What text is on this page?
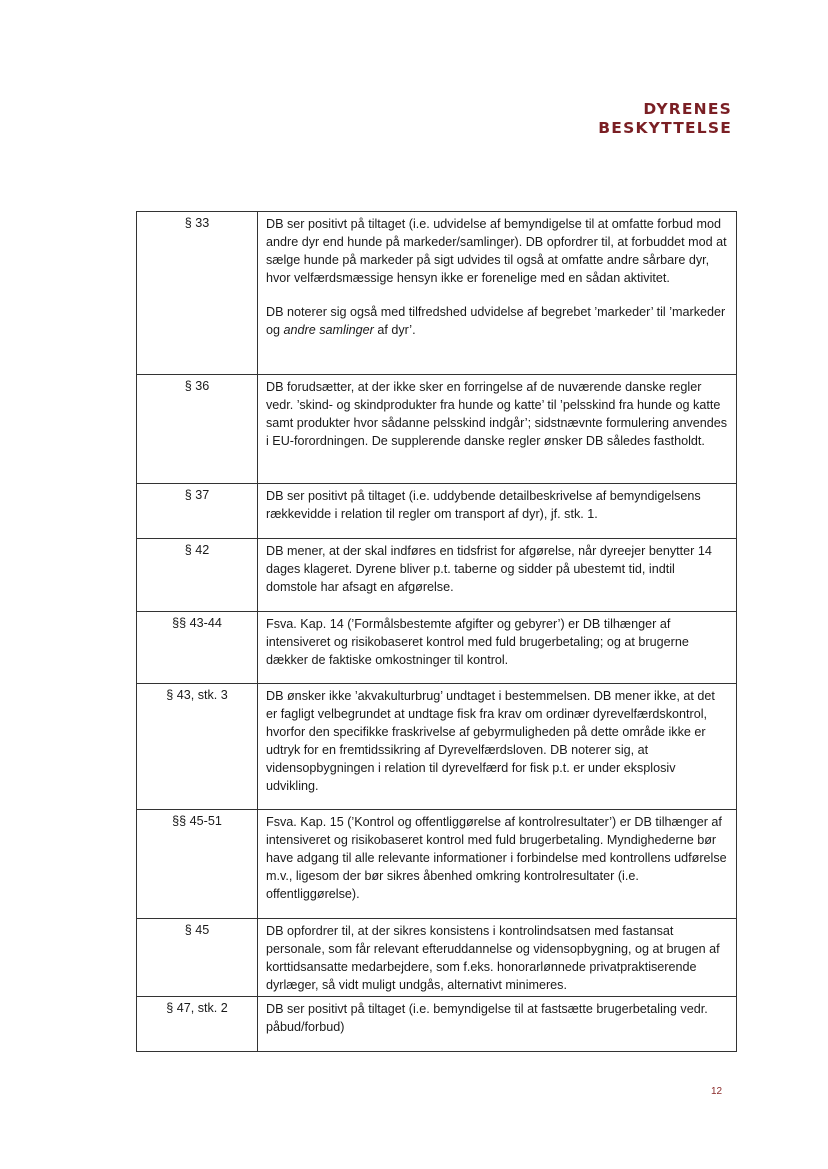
DYRENES
BESKYTTELSE
§ 33	DB ser positivt på tiltaget (i.e. udvidelse af bemyndigelse til at omfatte forbud mod andre dyr end hunde på markeder/samlinger). DB opfordrer til, at forbuddet mod at sælge hunde på markeder på sigt udvides til også at omfatte andre sårbare dyr, hvor velfærdsmæssige hensyn ikke er forenelige med en sådan aktivitet.

DB noterer sig også med tilfredshed udvidelse af begrebet ’markeder’ til ’markeder og andre samlinger af dyr’.

§ 36	DB forudsætter, at der ikke sker en forringelse af de nuværende danske regler vedr. ’skind- og skindprodukter fra hunde og katte’ til ’pelsskind fra hunde og katte samt produkter hvor sådanne pelsskind indgår’; sidstnævnte formulering anvendes i EU-forordningen. De supplerende danske regler ønsker DB således fastholdt.

§ 37	DB ser positivt på tiltaget (i.e. uddybende detailbeskrivelse af bemyndigelsens rækkevidde i relation til regler om transport af dyr), jf. stk. 1.

§ 42	DB mener, at der skal indføres en tidsfrist for afgørelse, når dyreejer benytter 14 dages klageret. Dyrene bliver p.t. taberne og sidder på ubestemt tid, indtil domstole har afsagt en afgørelse.

§§ 43-44	Fsva. Kap. 14 (’Formålsbestemte afgifter og gebyrer’) er DB tilhænger af intensiveret og risikobaseret kontrol med fuld brugerbetaling; og at brugerne dækker de faktiske omkostninger til kontrol.

§ 43, stk. 3	DB ønsker ikke ’akvakulturbrug’ undtaget i bestemmelsen. DB mener ikke, at det er fagligt velbegrundet at undtage fisk fra krav om ordinær dyrevelfærdskontrol, hvorfor den specifikke fraskrivelse af gebyrmuligheden på dette område ikke er udtryk for en fremtidssikring af Dyrevelfærdsloven. DB noterer sig, at vidensopbygningen i relation til dyrevelfærd for fisk p.t. er under eksplosiv udvikling.

§§ 45-51	Fsva. Kap. 15 (’Kontrol og offentliggørelse af kontrolresultater’) er DB tilhænger af intensiveret og risikobaseret kontrol med fuld brugerbetaling. Myndighederne bør have adgang til alle relevante informationer i forbindelse med kontrollens udførelse m.v., ligesom der bør sikres åbenhed omkring kontrolresultater (i.e. offentliggørelse).

§ 45	DB opfordrer til, at der sikres konsistens i kontrolindsatsen med fastansat personale, som får relevant efteruddannelse og vidensopbygning, og at brugen af korttidsansatte medarbejdere, som f.eks. honorarlønnede privatpraktiserende dyrlæger, så vidt muligt undgås, alternativt minimeres.

§ 47, stk. 2	DB ser positivt på tiltaget (i.e. bemyndigelse til at fastsætte brugerbetaling vedr. påbud/forbud)

12
